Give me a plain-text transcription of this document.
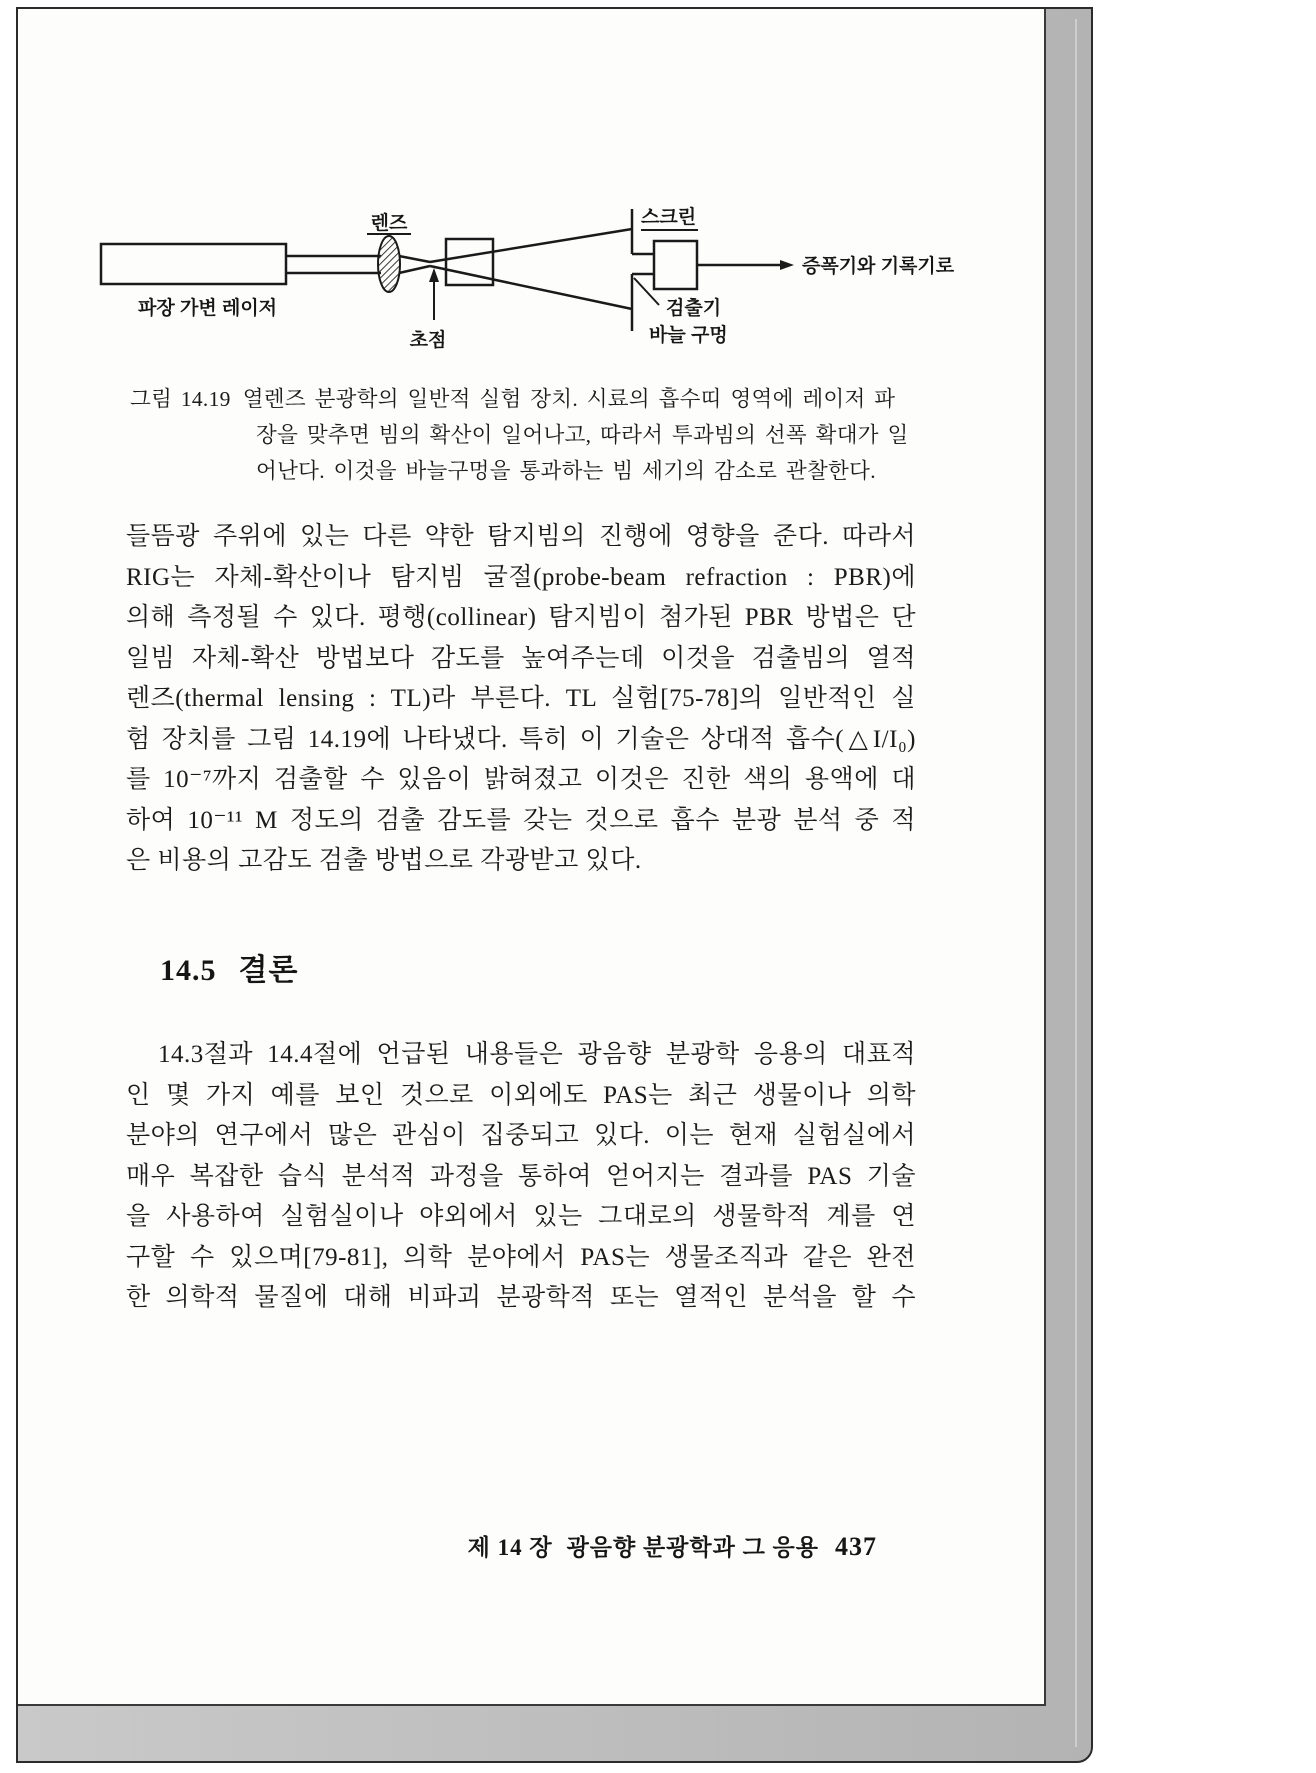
렌즈
초점
스크린
검출기
바늘 구멍
증폭기와 기록기로
파장 가변 레이저
그림 14.19 열렌즈 분광학의 일반적 실험 장치. 시료의 흡수띠 영역에 레이저 파
장을 맞추면 빔의 확산이 일어나고, 따라서 투과빔의 선폭 확대가 일
어난다. 이것을 바늘구멍을 통과하는 빔 세기의 감소로 관찰한다.
들뜸광 주위에 있는 다른 약한 탐지빔의 진행에 영향을 준다. 따라서
RIG는 자체-확산이나 탐지빔 굴절(probe-beam refraction : PBR)에
의해 측정될 수 있다. 평행(collinear) 탐지빔이 첨가된 PBR 방법은 단
일빔 자체-확산 방법보다 감도를 높여주는데 이것을 검출빔의 열적
렌즈(thermal lensing : TL)라 부른다. TL 실험[75-78]의 일반적인 실
험 장치를 그림 14.19에 나타냈다. 특히 이 기술은 상대적 흡수(△I/I₀)
를 10⁻⁷까지 검출할 수 있음이 밝혀졌고 이것은 진한 색의 용액에 대
하여 10⁻¹¹ M 정도의 검출 감도를 갖는 것으로 흡수 분광 분석 중 적
은 비용의 고감도 검출 방법으로 각광받고 있다.
14.5 결론
14.3절과 14.4절에 언급된 내용들은 광음향 분광학 응용의 대표적
인 몇 가지 예를 보인 것으로 이외에도 PAS는 최근 생물이나 의학
분야의 연구에서 많은 관심이 집중되고 있다. 이는 현재 실험실에서
매우 복잡한 습식 분석적 과정을 통하여 얻어지는 결과를 PAS 기술
을 사용하여 실험실이나 야외에서 있는 그대로의 생물학적 계를 연
구할 수 있으며[79-81], 의학 분야에서 PAS는 생물조직과 같은 완전
한 의학적 물질에 대해 비파괴 분광학적 또는 열적인 분석을 할 수
제 14 장 광음향 분광학과 그 응용 437
